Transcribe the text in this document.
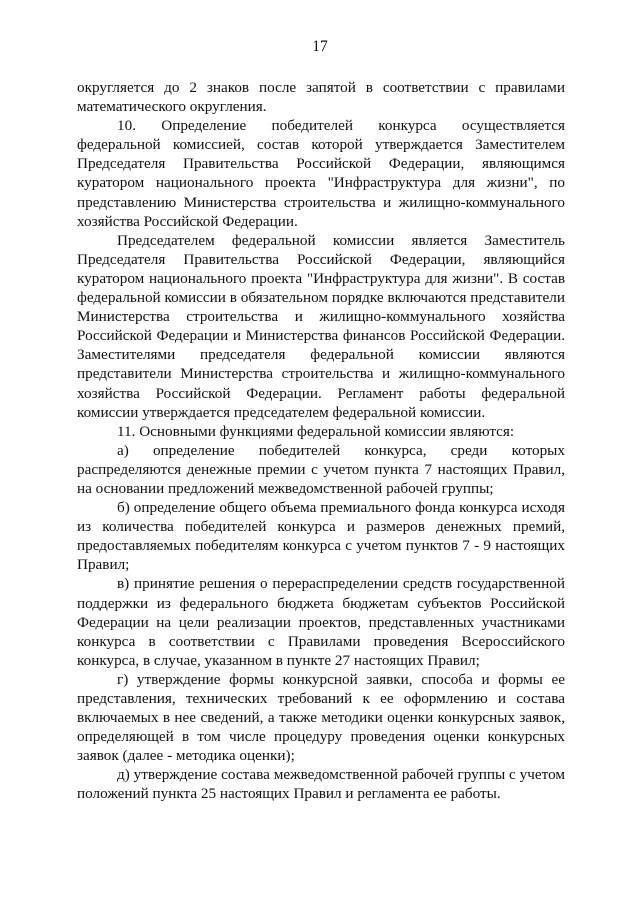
17

округляется до 2 знаков после запятой в соответствии с правилами математического округления.

10. Определение победителей конкурса осуществляется федеральной комиссией, состав которой утверждается Заместителем Председателя Правительства Российской Федерации, являющимся куратором национального проекта "Инфраструктура для жизни", по представлению Министерства строительства и жилищно-коммунального хозяйства Российской Федерации.

Председателем федеральной комиссии является Заместитель Председателя Правительства Российской Федерации, являющийся куратором национального проекта "Инфраструктура для жизни". В состав федеральной комиссии в обязательном порядке включаются представители Министерства строительства и жилищно-коммунального хозяйства Российской Федерации и Министерства финансов Российской Федерации. Заместителями председателя федеральной комиссии являются представители Министерства строительства и жилищно-коммунального хозяйства Российской Федерации. Регламент работы федеральной комиссии утверждается председателем федеральной комиссии.

11. Основными функциями федеральной комиссии являются:

а) определение победителей конкурса, среди которых распределяются денежные премии с учетом пункта 7 настоящих Правил, на основании предложений межведомственной рабочей группы;

б) определение общего объема премиального фонда конкурса исходя из количества победителей конкурса и размеров денежных премий, предоставляемых победителям конкурса с учетом пунктов 7 - 9 настоящих Правил;

в) принятие решения о перераспределении средств государственной поддержки из федерального бюджета бюджетам субъектов Российской Федерации на цели реализации проектов, представленных участниками конкурса в соответствии с Правилами проведения Всероссийского конкурса, в случае, указанном в пункте 27 настоящих Правил;

г) утверждение формы конкурсной заявки, способа и формы ее представления, технических требований к ее оформлению и состава включаемых в нее сведений, а также методики оценки конкурсных заявок, определяющей в том числе процедуру проведения оценки конкурсных заявок (далее - методика оценки);

д) утверждение состава межведомственной рабочей группы с учетом положений пункта 25 настоящих Правил и регламента ее работы.
